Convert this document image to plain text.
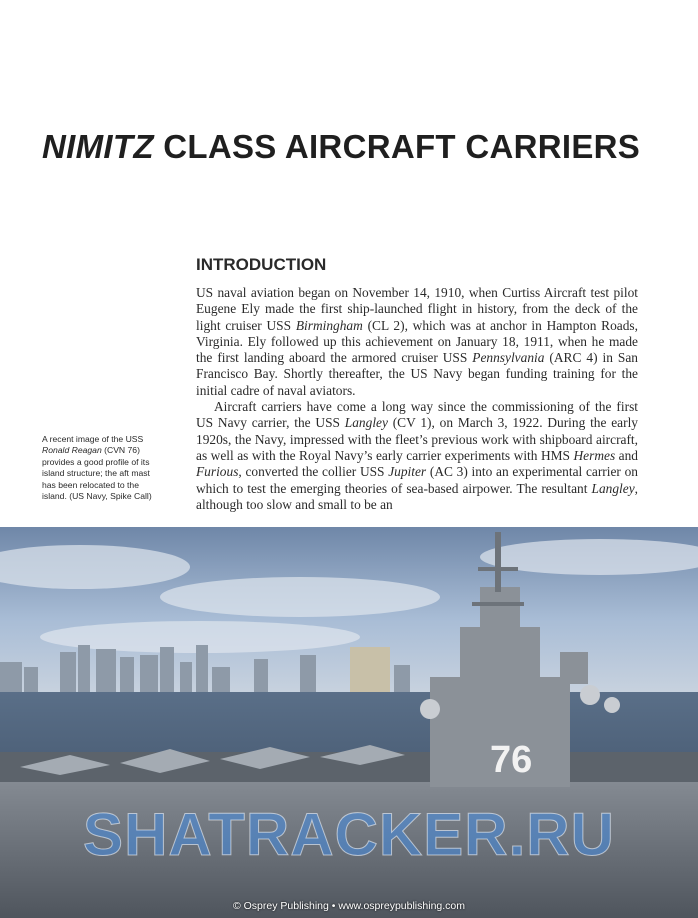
NIMITZ CLASS AIRCRAFT CARRIERS
INTRODUCTION

US naval aviation began on November 14, 1910, when Curtiss Aircraft test pilot Eugene Ely made the first ship-launched flight in history, from the deck of the light cruiser USS Birmingham (CL 2), which was at anchor in Hampton Roads, Virginia. Ely followed up this achievement on January 18, 1911, when he made the first landing aboard the armored cruiser USS Pennsylvania (ARC 4) in San Francisco Bay. Shortly thereafter, the US Navy began funding training for the initial cadre of naval aviators.

Aircraft carriers have come a long way since the commissioning of the first US Navy carrier, the USS Langley (CV 1), on March 3, 1922. During the early 1920s, the Navy, impressed with the fleet’s previous work with shipboard aircraft, as well as with the Royal Navy’s early carrier experiments with HMS Hermes and Furious, converted the collier USS Jupiter (AC 3) into an experimental carrier on which to test the emerging theories of sea-based airpower. The resultant Langley, although too slow and small to be an

A recent image of the USS Ronald Reagan (CVN 76) provides a good profile of its island structure; the aft mast has been relocated to the island. (US Navy, Spike Call)
76
SHATRACKER.RU
© Osprey Publishing • www.ospreypublishing.com
